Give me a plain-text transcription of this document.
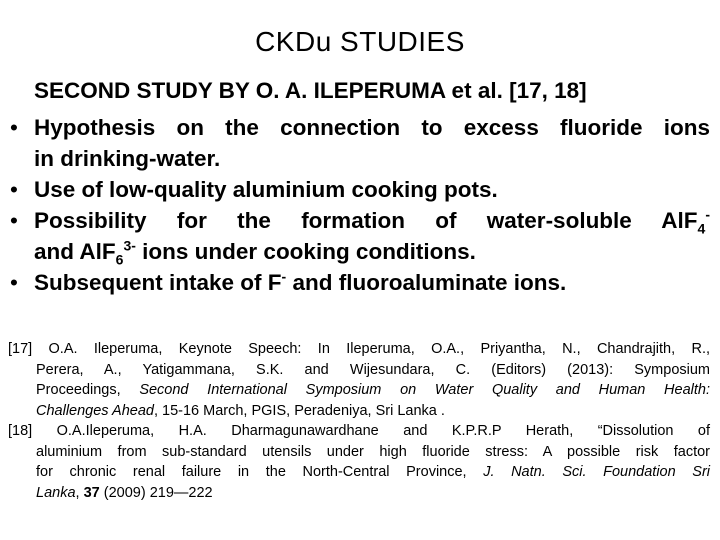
CKDu STUDIES
SECOND STUDY BY O. A. ILEPERUMA et al. [17, 18]
• Hypothesis on the connection to excess fluoride ions
in drinking-water.
• Use of low-quality aluminium cooking pots.
• Possibility for the formation of water-soluble AlF$_4$-
and AlF$_6^{3-}$ ions under cooking conditions.
• Subsequent intake of F- and fluoroaluminate ions.
[17] O.A. Ileperuma, Keynote Speech: In Ileperuma, O.A., Priyantha, N., Chandrajith, R.,
Perera, A., Yatigammana, S.K. and Wijesundara, C. (Editors) (2013): Symposium
Proceedings, Second International Symposium on Water Quality and Human Health:
Challenges Ahead, 15-16 March, PGIS, Peradeniya, Sri Lanka .
[18] O.A.Ileperuma, H.A. Dharmagunawardhane and K.P.R.P Herath, “Dissolution of
aluminium from sub-standard utensils under high fluoride stress: A possible risk factor
for chronic renal failure in the North-Central Province, J. Natn. Sci. Foundation Sri
Lanka, 37 (2009) 219—222
